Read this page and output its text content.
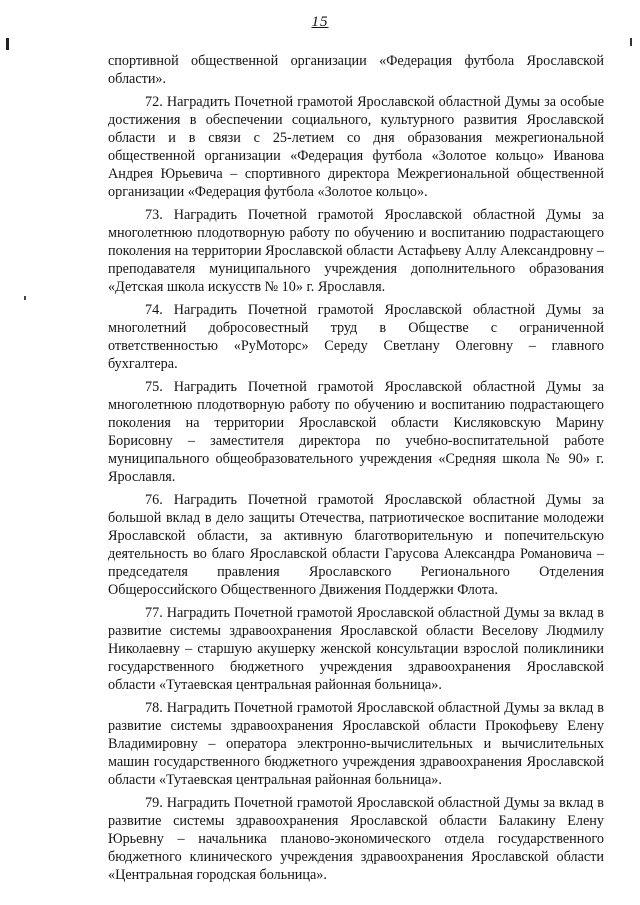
15

спортивной общественной организации «Федерация футбола Ярославской области».

72. Наградить Почетной грамотой Ярославской областной Думы за особые достижения в обеспечении социального, культурного развития Ярославской области и в связи с 25-летием со дня образования межрегиональной общественной организации «Федерация футбола «Золотое кольцо» Иванова Андрея Юрьевича – спортивного директора Межрегиональной общественной организации «Федерация футбола «Золотое кольцо».

73. Наградить Почетной грамотой Ярославской областной Думы за многолетнюю плодотворную работу по обучению и воспитанию подрастающего поколения на территории Ярославской области Астафьеву Аллу Александровну – преподавателя муниципального учреждения дополнительного образования «Детская школа искусств № 10» г. Ярославля.

74. Наградить Почетной грамотой Ярославской областной Думы за многолетний добросовестный труд в Обществе с ограниченной ответственностью «РуМоторс» Середу Светлану Олеговну – главного бухгалтера.

75. Наградить Почетной грамотой Ярославской областной Думы за многолетнюю плодотворную работу по обучению и воспитанию подрастающего поколения на территории Ярославской области Кисляковскую Марину Борисовну – заместителя директора по учебно-воспитательной работе муниципального общеобразовательного учреждения «Средняя школа № 90» г. Ярославля.

76. Наградить Почетной грамотой Ярославской областной Думы за большой вклад в дело защиты Отечества, патриотическое воспитание молодежи Ярославской области, за активную благотворительную и попечительскую деятельность во благо Ярославской области Гарусова Александра Романовича – председателя правления Ярославского Регионального Отделения Общероссийского Общественного Движения Поддержки Флота.

77. Наградить Почетной грамотой Ярославской областной Думы за вклад в развитие системы здравоохранения Ярославской области Веселову Людмилу Николаевну – старшую акушерку женской консультации взрослой поликлиники государственного бюджетного учреждения здравоохранения Ярославской области «Тутаевская центральная районная больница».

78. Наградить Почетной грамотой Ярославской областной Думы за вклад в развитие системы здравоохранения Ярославской области Прокофьеву Елену Владимировну – оператора электронно-вычислительных и вычислительных машин государственного бюджетного учреждения здравоохранения Ярославской области «Тутаевская центральная районная больница».

79. Наградить Почетной грамотой Ярославской областной Думы за вклад в развитие системы здравоохранения Ярославской области Балакину Елену Юрьевну – начальника планово-экономического отдела государственного бюджетного клинического учреждения здравоохранения Ярославской области «Центральная городская больница».
